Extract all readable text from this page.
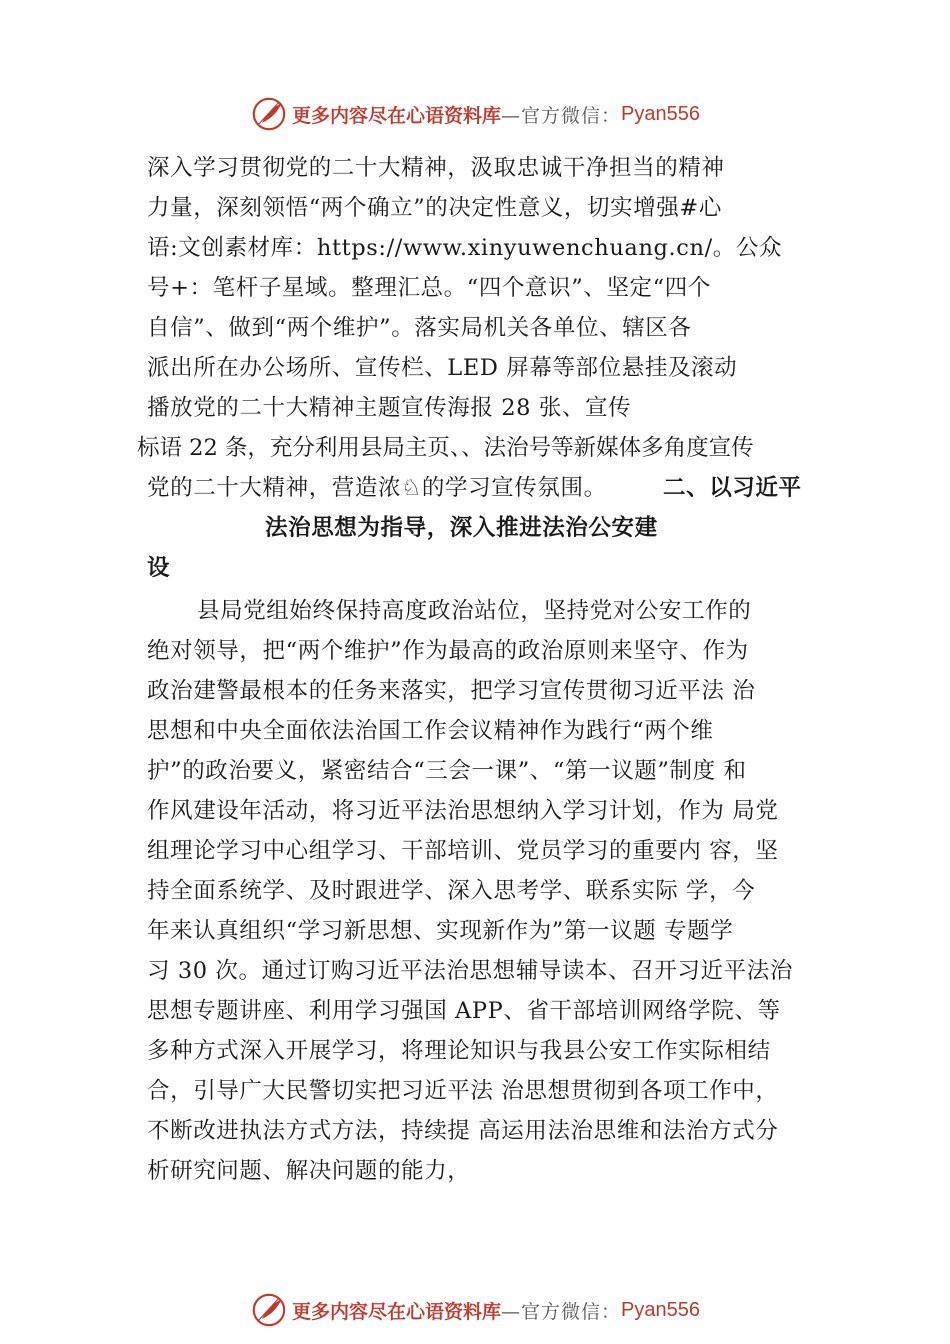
更多内容尽在心语资料库 —官方微信： Pyan556
深入学习贯彻党的二十大精神，汲取忠诚干净担当的精神
力量，深刻领悟“两个确立”的决定性意义，切实增强#心
语:文创素材库：https://www.xinyuwenchuang.cn/。公众
号+：笔杆子星域。整理汇总。“四个意识”、坚定“四个
自信”、做到“两个维护”。落实局机关各单位、辖区各
派出所在办公场所、宣传栏、LED 屏幕等部位悬挂及滚动
播放党的二十大精神主题宣传海报 28 张、宣传
标语 22 条，充分利用县局主页、、法治号等新媒体多角度宣传
党的二十大精神，营造浓♘的学习宣传氛围。	二、以习近平
法治思想为指导，深入推进法治公安建
设
县局党组始终保持高度政治站位，坚持党对公安工作的
绝对领导，把“两个维护”作为最高的政治原则来坚守、作为
政治建警最根本的任务来落实，把学习宣传贯彻习近平法 治
思想和中央全面依法治国工作会议精神作为践行“两个维
护”的政治要义，紧密结合“三会一课”、“第一议题”制度 和
作风建设年活动，将习近平法治思想纳入学习计划，作为 局党
组理论学习中心组学习、干部培训、党员学习的重要内 容，坚
持全面系统学、及时跟进学、深入思考学、联系实际 学，今
年来认真组织“学习新思想、实现新作为”第一议题 专题学
习 30 次。通过订购习近平法治思想辅导读本、召开习近平法治
思想专题讲座、利用学习强国 APP、省干部培训网络学院、等
多种方式深入开展学习，将理论知识与我县公安工作实际相结
合，引导广大民警切实把习近平法 治思想贯彻到各项工作中，
不断改进执法方式方法，持续提 高运用法治思维和法治方式分
析研究问题、解决问题的能力，
更多内容尽在心语资料库 —官方微信： Pyan556
